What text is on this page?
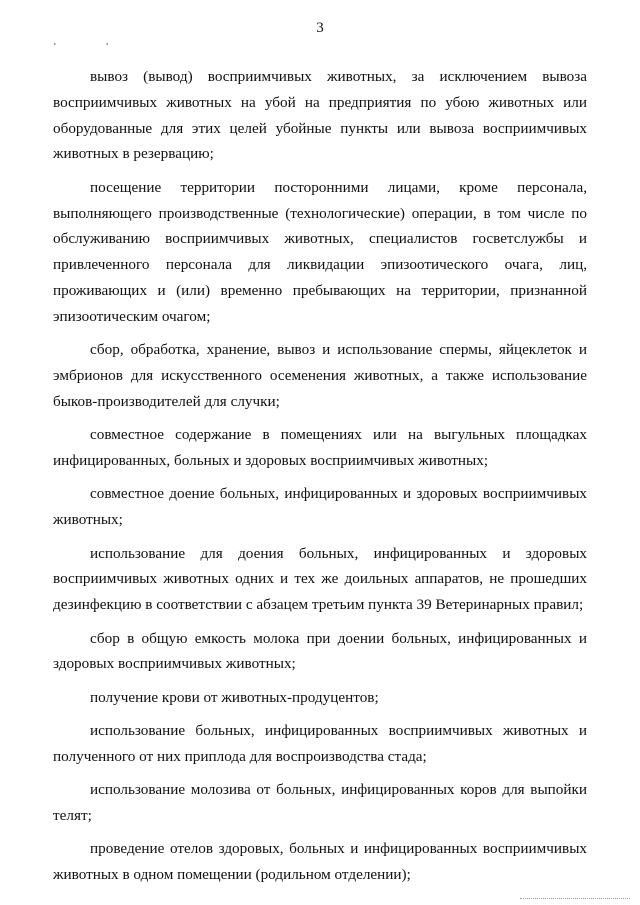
3
' '

вывоз (вывод) восприимчивых животных, за исключением вывоза восприимчивых животных на убой на предприятия по убою животных или оборудованные для этих целей убойные пункты или вывоза восприимчивых животных в резервацию;

посещение территории посторонними лицами, кроме персонала, выполняющего производственные (технологические) операции, в том числе по обслуживанию восприимчивых животных, специалистов госветслужбы и привлеченного персонала для ликвидации эпизоотического очага, лиц, проживающих и (или) временно пребывающих на территории, признанной эпизоотическим очагом;

сбор, обработка, хранение, вывоз и использование спермы, яйцеклеток и эмбрионов для искусственного осеменения животных, а также использование быков-производителей для случки;

совместное содержание в помещениях или на выгульных площадках инфицированных, больных и здоровых восприимчивых животных;

совместное доение больных, инфицированных и здоровых восприимчивых животных;

использование для доения больных, инфицированных и здоровых восприимчивых животных одних и тех же доильных аппаратов, не прошедших дезинфекцию в соответствии с абзацем третьим пункта 39 Ветеринарных правил;

сбор в общую емкость молока при доении больных, инфицированных и здоровых восприимчивых животных;

получение крови от животных-продуцентов;

использование больных, инфицированных восприимчивых животных и полученного от них приплода для воспроизводства стада;

использование молозива от больных, инфицированных коров для выпойки телят;

проведение отелов здоровых, больных и инфицированных восприимчивых животных в одном помещении (родильном отделении);
